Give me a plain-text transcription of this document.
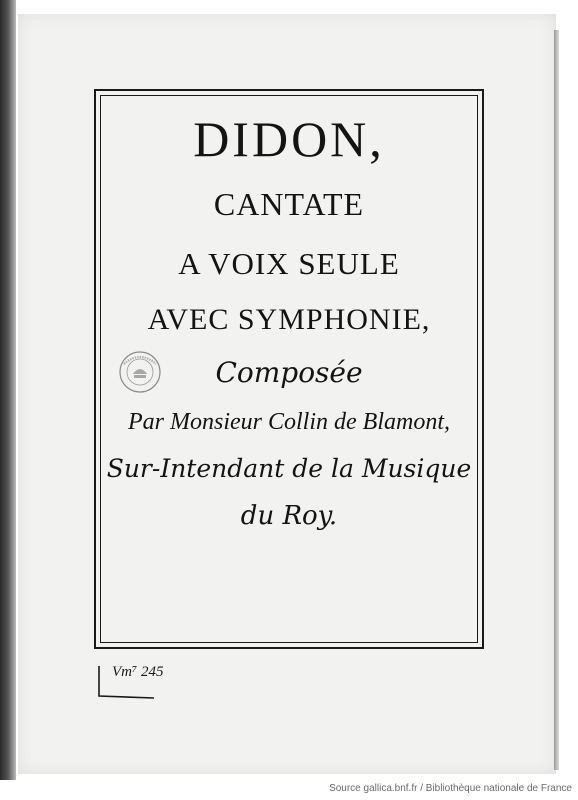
DIDON,

CANTATE

A VOIX SEULE

AVEC SYMPHONIE,

Composée

Par Monsieur Collin de Blamont,

Sur-Intendant de la Musique

du Roy.

Vm⁷ 245
Source gallica.bnf.fr / Bibliothèque nationale de France
